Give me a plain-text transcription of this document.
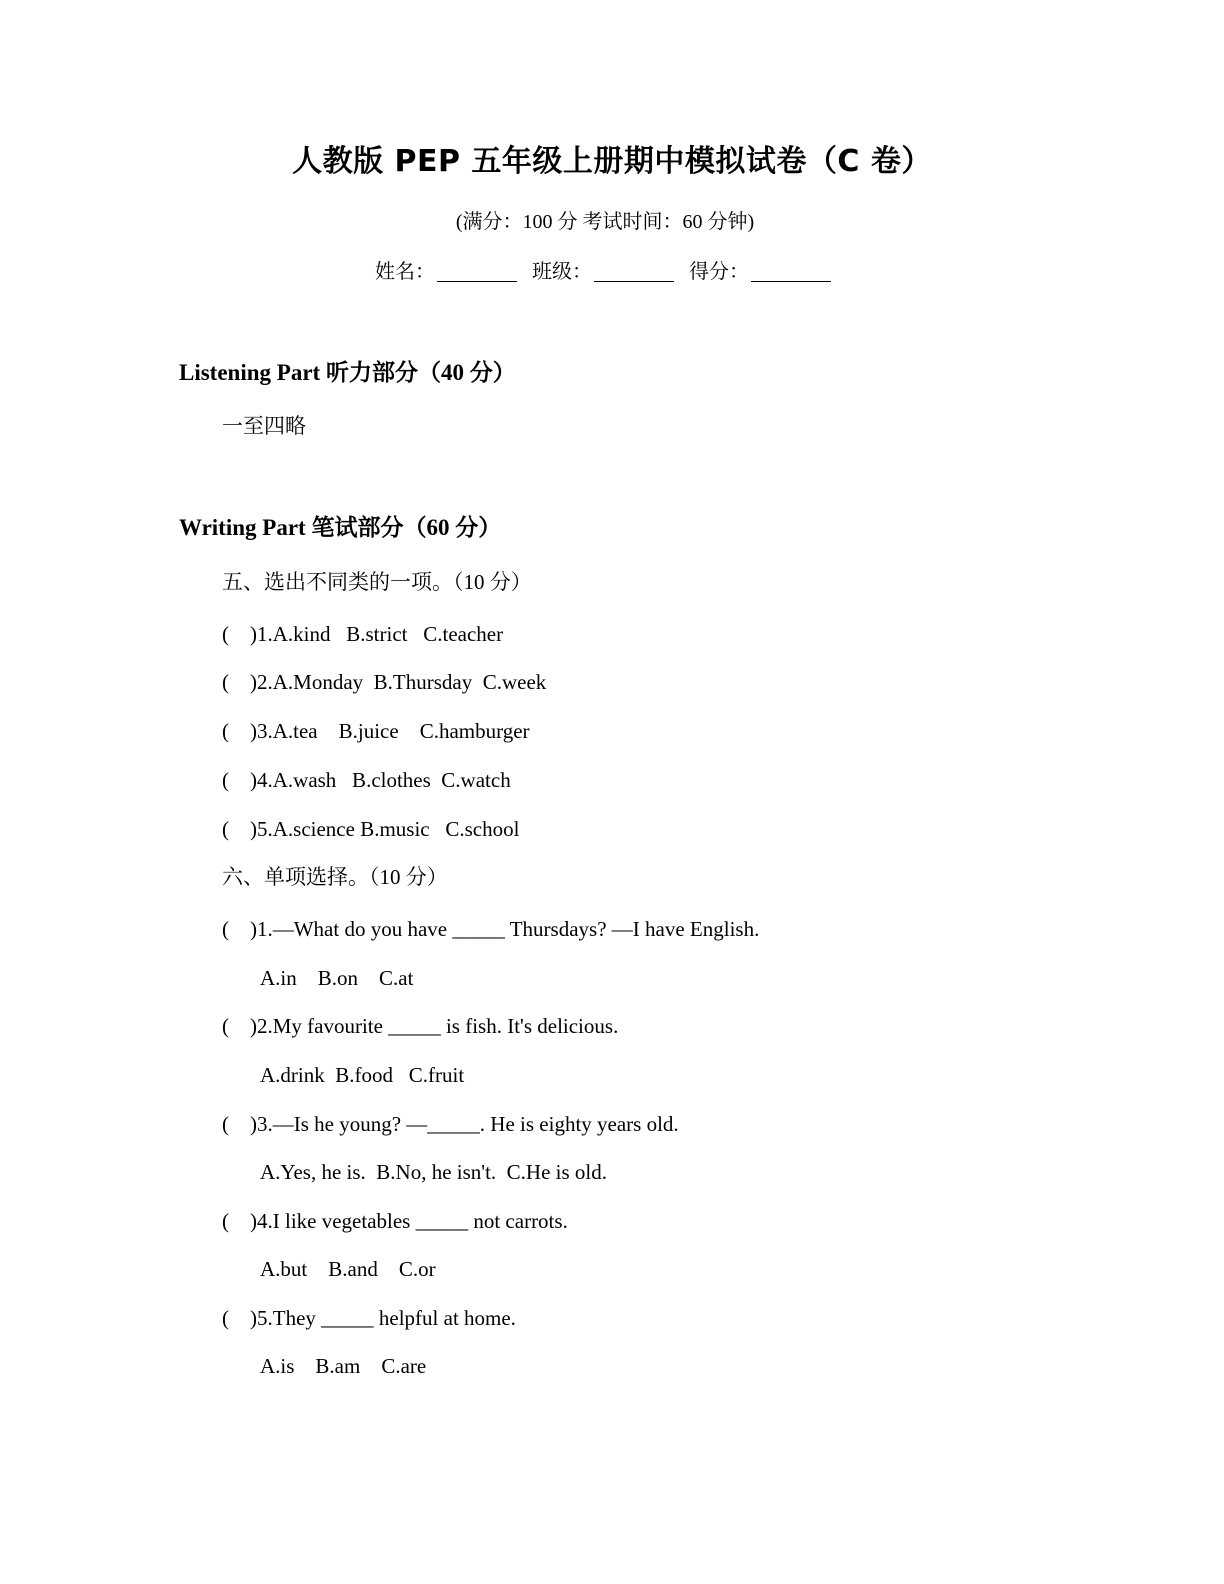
人教版 PEP 五年级上册期中模拟试卷（C 卷）
(满分：100 分 考试时间：60 分钟)
姓名：	班级：	得分：
Listening Part 听力部分（40 分）
一至四略
Writing Part 笔试部分（60 分）
五、选出不同类的一项。（10 分）
(    )1.A.kind   B.strict   C.teacher
(    )2.A.Monday  B.Thursday  C.week
(    )3.A.tea    B.juice    C.hamburger
(    )4.A.wash   B.clothes  C.watch
(    )5.A.science B.music   C.school
六、单项选择。（10 分）
(    )1.—What do you have _____ Thursdays? —I have English.
A.in    B.on    C.at
(    )2.My favourite _____ is fish. It's delicious.
A.drink  B.food   C.fruit
(    )3.—Is he young? —_____. He is eighty years old.
A.Yes, he is.  B.No, he isn't.  C.He is old.
(    )4.I like vegetables _____ not carrots.
A.but    B.and    C.or
(    )5.They _____ helpful at home.
A.is    B.am    C.are
